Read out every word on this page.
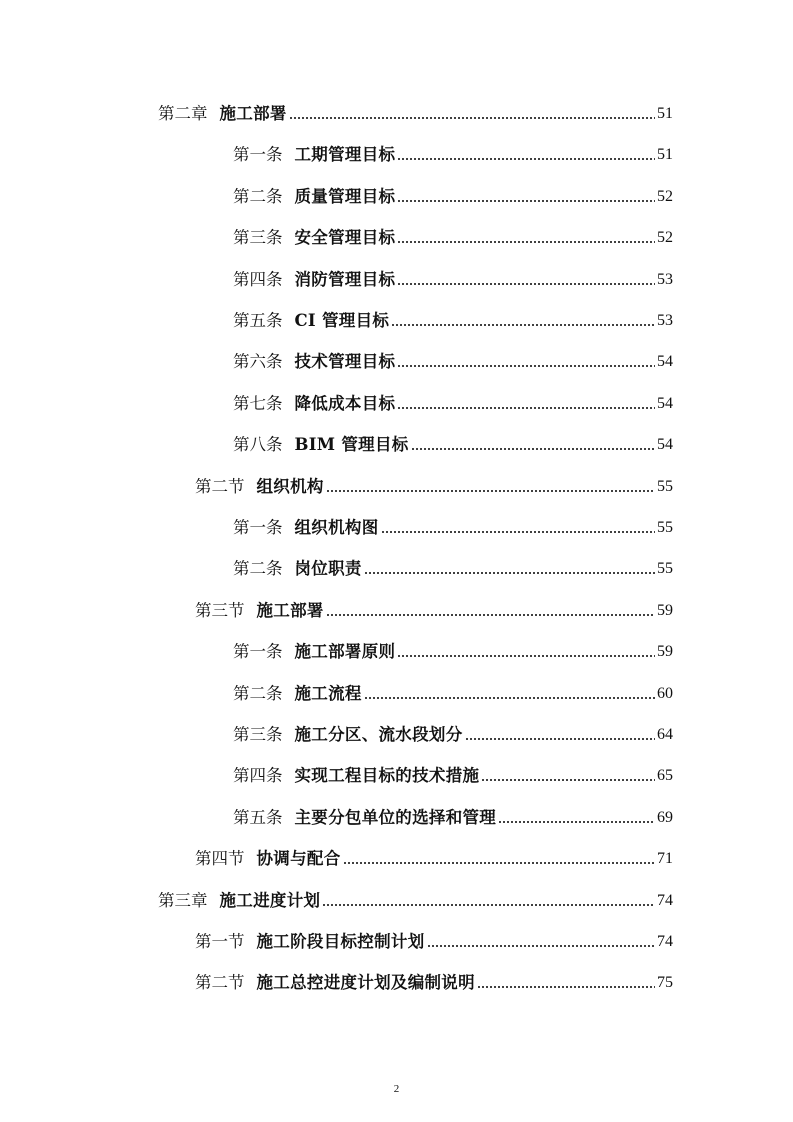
第二章 施工部署	51
第一条 工期管理目标	51
第二条 质量管理目标	52
第三条 安全管理目标	52
第四条 消防管理目标	53
第五条 CI 管理目标	53
第六条 技术管理目标	54
第七条 降低成本目标	54
第八条 BIM 管理目标	54
第二节 组织机构	55
第一条 组织机构图	55
第二条 岗位职责	55
第三节 施工部署	59
第一条 施工部署原则	59
第二条 施工流程	60
第三条 施工分区、流水段划分	64
第四条 实现工程目标的技术措施	65
第五条 主要分包单位的选择和管理	69
第四节 协调与配合	71
第三章 施工进度计划	74
第一节 施工阶段目标控制计划	74
第二节 施工总控进度计划及编制说明	75
2
